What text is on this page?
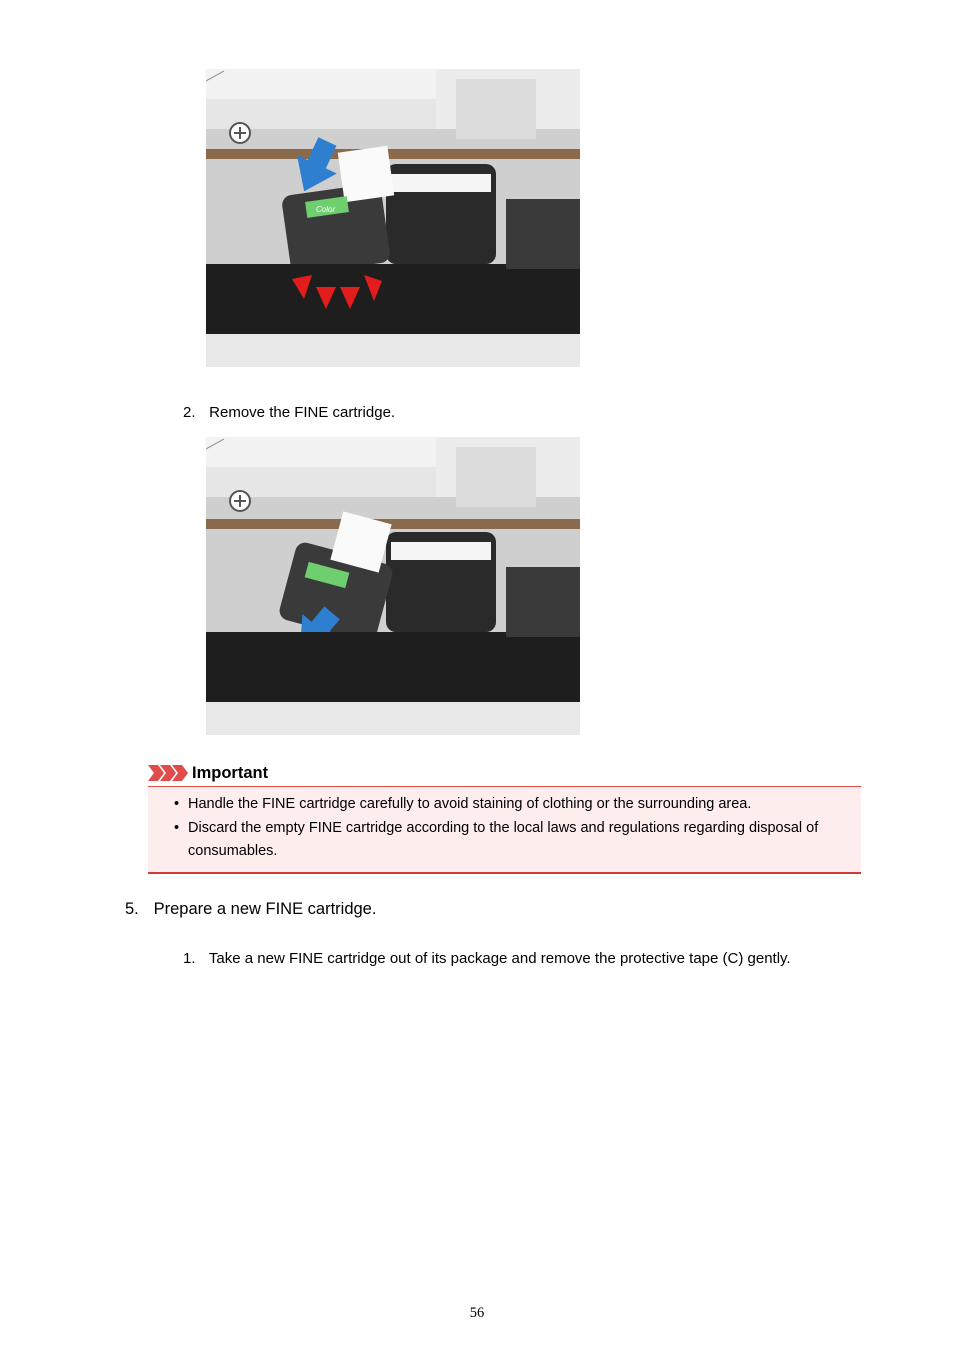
Color
2. Remove the FINE cartridge.
Important
• Handle the FINE cartridge carefully to avoid staining of clothing or the surrounding area.
• Discard the empty FINE cartridge according to the local laws and regulations regarding disposal of consumables.
5. Prepare a new FINE cartridge.
1. Take a new FINE cartridge out of its package and remove the protective tape (C) gently.
56
